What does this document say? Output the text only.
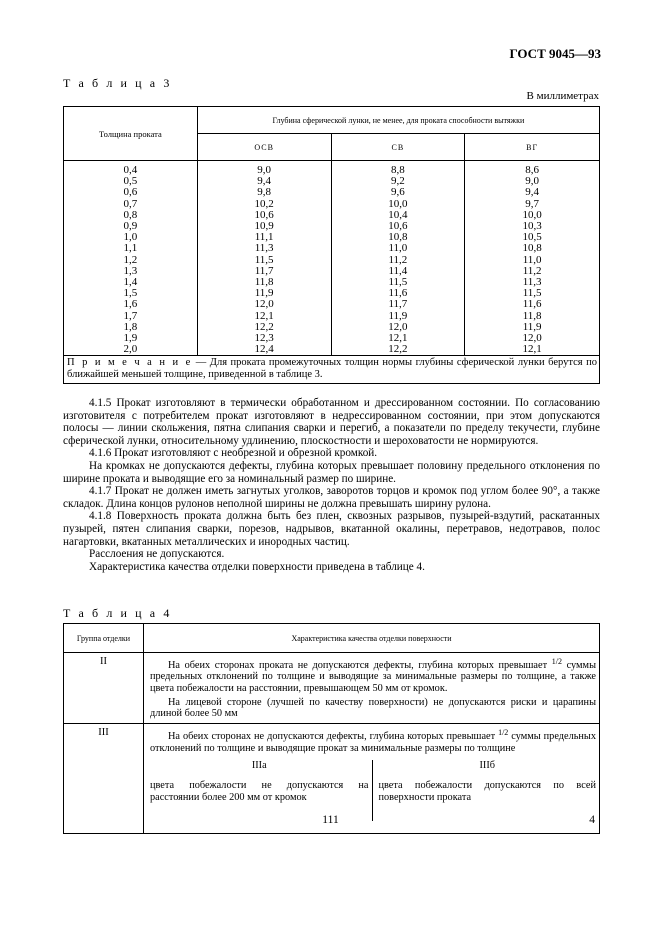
ГОСТ 9045—93
Т а б л и ц а 3
В миллиметрах
Толщина проката	Глубина сферической лунки, не менее, для проката способности вытяжки		
	ОСВ	СВ	ВГ
0,4	9,0	8,8	8,6
0,5	9,4	9,2	9,0
0,6	9,8	9,6	9,4
0,7	10,2	10,0	9,7
0,8	10,6	10,4	10,0
0,9	10,9	10,6	10,3
1,0	11,1	10,8	10,5
1,1	11,3	11,0	10,8
1,2	11,5	11,2	11,0
1,3	11,7	11,4	11,2
1,4	11,8	11,5	11,3
1,5	11,9	11,6	11,5
1,6	12,0	11,7	11,6
1,7	12,1	11,9	11,8
1,8	12,2	12,0	11,9
1,9	12,3	12,1	12,0
2,0	12,4	12,2	12,1
П р и м е ч а н и е — Для проката промежуточных толщин нормы глубины сферической лунки берутся по ближайшей меньшей толщине, приведенной в таблице 3.			

4.1.5 Прокат изготовляют в термически обработанном и дрессированном состоянии. По согласованию изготовителя с потребителем прокат изготовляют в недрессированном состоянии, при этом допускаются полосы — линии скольжения, пятна слипания сварки и перегиб, а показатели по пределу текучести, глубине сферической лунки, относительному удлинению, плоскостности и шероховатости не нормируются.

4.1.6 Прокат изготовляют с необрезной и обрезной кромкой.

На кромках не допускаются дефекты, глубина которых превышает половину предельного отклонения по ширине проката и выводящие его за номинальный размер по ширине.

4.1.7 Прокат не должен иметь загнутых уголков, заворотов торцов и кромок под углом более 90°, а также складок. Длина концов рулонов неполной ширины не должна превышать ширину рулона.

4.1.8 Поверхность проката должна быть без плен, сквозных разрывов, пузырей-вздутий, раскатанных пузырей, пятен слипания сварки, порезов, надрывов, вкатанной окалины, перетравов, недотравов, полос нагартовки, вкатанных металлических и инородных частиц.

Расслоения не допускаются.

Характеристика качества отделки поверхности приведена в таблице 4.

Т а б л и ц а 4
Группа отделки	Характеристика качества отделки поверхности
II	На обеих сторонах проката не допускаются дефекты, глубина которых превышает $^{1/2}$ суммы предельных отклонений по толщине и выводящие за минимальные размеры по толщине, а также цвета побежалости на расстоянии, превышающем 50 мм от кромок.

На лицевой стороне (лучшей по качеству поверхности) не допускаются риски и царапины длиной более 50 мм

III	На обеих сторонах не допускаются дефекты, глубина которых превышает $^{1/2}$ суммы предельных отклонений по толщине и выводящие прокат за минимальные размеры по толщине

IIIа
цвета побежалости не допускаются на расстоянии более 200 мм от кромок
IIIб
цвета побежалости допускаются по всей поверхности проката
111	4
